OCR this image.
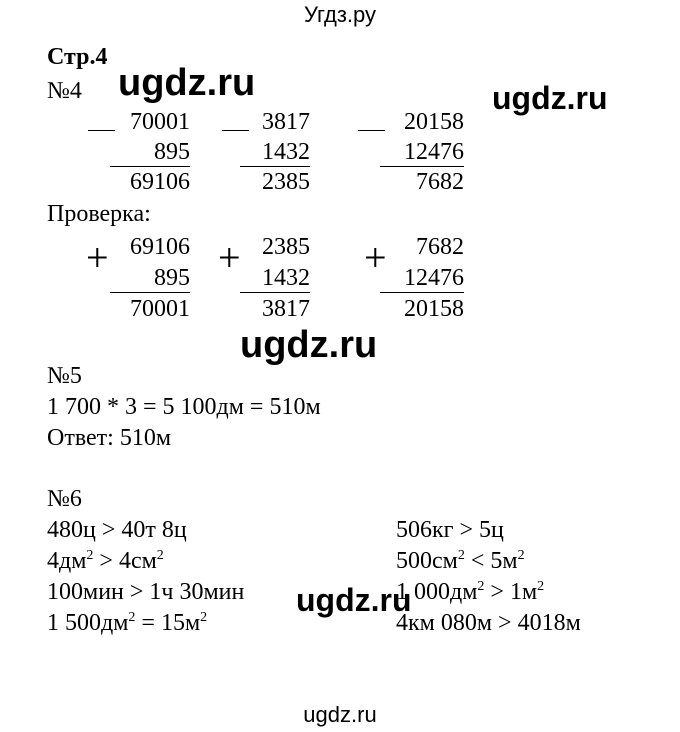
Угдз.ру
ugdz.ru
ugdz.ru	ugdz.ru
ugdz.ru
ugdz.ru
Стр.4
№4
70001
895
69106
3817
1432
2385
20158
12476
7682
Проверка:
+ 69106
895
70001
+ 2385
1432
3817
+	7682
12476
20158
№5
1 700 * 3 = 5 100дм = 510м
Ответ: 510м
№6
480ц > 40т 8ц
$4дм^2 > 4см^2$
100мин > 1ч 30мин
1 $500дм^2 = 15м^2$
506кг > 5ц
$500см^2 < 5м^2$
1 $000дм^2 > 1м^2$
4км 080м > 4018м
